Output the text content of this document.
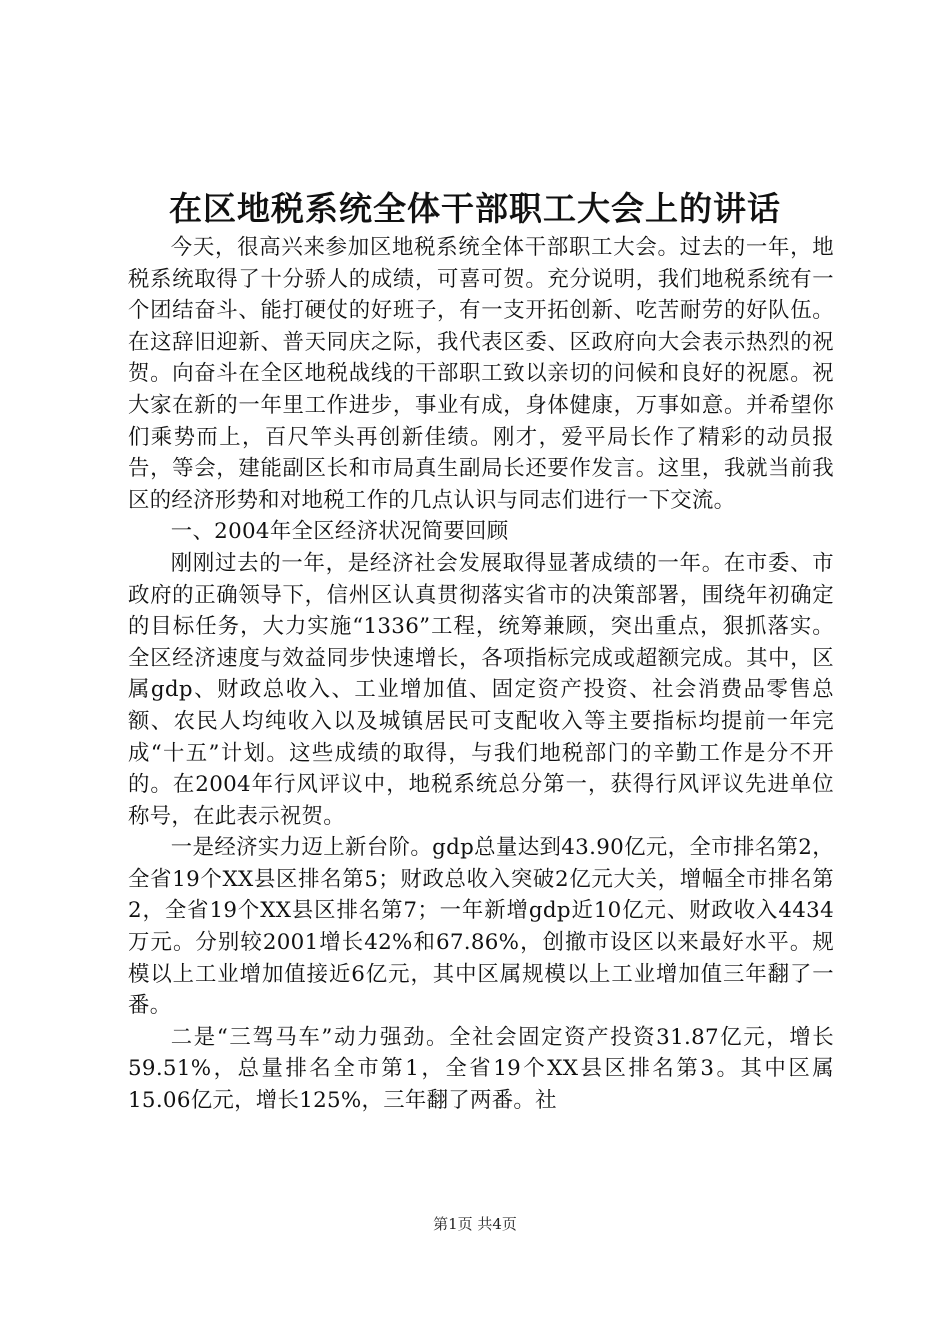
在区地税系统全体干部职工大会上的讲话

今天，很高兴来参加区地税系统全体干部职工大会。过去的一年，地税系统取得了十分骄人的成绩，可喜可贺。充分说明，我们地税系统有一个团结奋斗、能打硬仗的好班子，有一支开拓创新、吃苦耐劳的好队伍。在这辞旧迎新、普天同庆之际，我代表区委、区政府向大会表示热烈的祝贺。向奋斗在全区地税战线的干部职工致以亲切的问候和良好的祝愿。祝大家在新的一年里工作进步，事业有成，身体健康，万事如意。并希望你们乘势而上，百尺竿头再创新佳绩。刚才，爱平局长作了精彩的动员报告，等会，建能副区长和市局真生副局长还要作发言。这里，我就当前我区的经济形势和对地税工作的几点认识与同志们进行一下交流。

一、2004年全区经济状况简要回顾

刚刚过去的一年，是经济社会发展取得显著成绩的一年。在市委、市政府的正确领导下，信州区认真贯彻落实省市的决策部署，围绕年初确定的目标任务，大力实施“1336”工程，统筹兼顾，突出重点，狠抓落实。全区经济速度与效益同步快速增长，各项指标完成或超额完成。其中，区属gdp、财政总收入、工业增加值、固定资产投资、社会消费品零售总额、农民人均纯收入以及城镇居民可支配收入等主要指标均提前一年完成“十五”计划。这些成绩的取得，与我们地税部门的辛勤工作是分不开的。在2004年行风评议中，地税系统总分第一，获得行风评议先进单位称号，在此表示祝贺。

一是经济实力迈上新台阶。gdp总量达到43.90亿元，全市排名第2，全省19个XX县区排名第5；财政总收入突破2亿元大关，增幅全市排名第2，全省19个XX县区排名第7；一年新增gdp近10亿元、财政收入4434万元。分别较2001增长42%和67.86%，创撤市设区以来最好水平。规模以上工业增加值接近6亿元，其中区属规模以上工业增加值三年翻了一番。

二是“三驾马车”动力强劲。全社会固定资产投资31.87亿元，增长59.51%，总量排名全市第1，全省19个XX县区排名第3。其中区属15.06亿元，增长125%，三年翻了两番。社

第1页 共4页
